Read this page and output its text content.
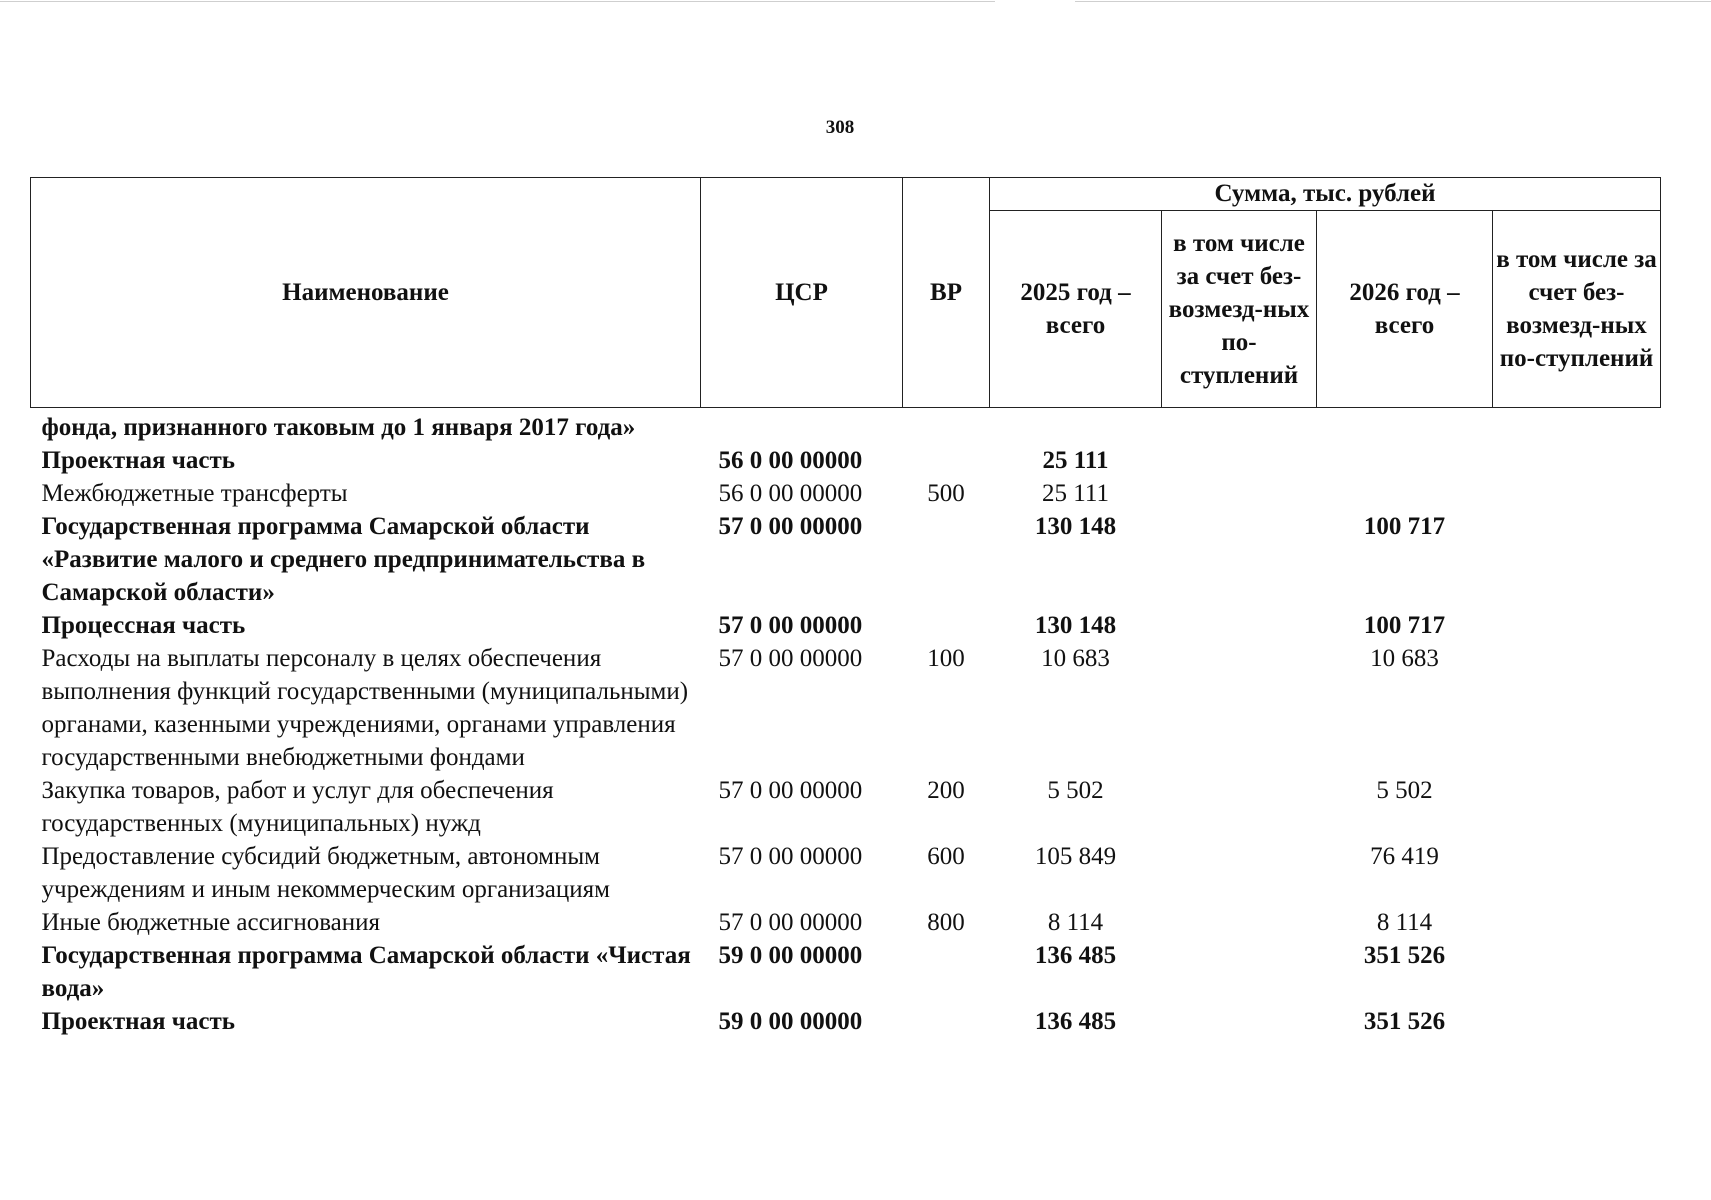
308
Наименование	ЦСР	ВР	Сумма, тыс. рублей			
			2025 год – всего	в том числе за счет без-возмезд-ных по-ступлений	2026 год – всего	в том числе за счет без-возмезд-ных по-ступлений
фонда, признанного таковым до 1 января 2017 года»						
Проектная часть	56 0 00 00000		25 111			
Межбюджетные трансферты	56 0 00 00000	500	25 111			
Государственная программа Самарской области «Развитие малого и среднего предпринимательства в Самарской области»	57 0 00 00000		130 148		100 717	
Процессная часть	57 0 00 00000		130 148		100 717	
Расходы на выплаты персоналу в целях обеспечения выполнения функций государственными (муниципальными) органами, казенными учреждениями, органами управления государственными внебюджетными фондами	57 0 00 00000	100	10 683		10 683	
Закупка товаров, работ и услуг для обеспечения государственных (муниципальных) нужд	57 0 00 00000	200	5 502		5 502	
Предоставление субсидий бюджетным, автономным учреждениям и иным некоммерческим организациям	57 0 00 00000	600	105 849		76 419	
Иные бюджетные ассигнования	57 0 00 00000	800	8 114		8 114	
Государственная программа Самарской области «Чистая вода»	59 0 00 00000		136 485		351 526	
Проектная часть	59 0 00 00000		136 485		351 526	
